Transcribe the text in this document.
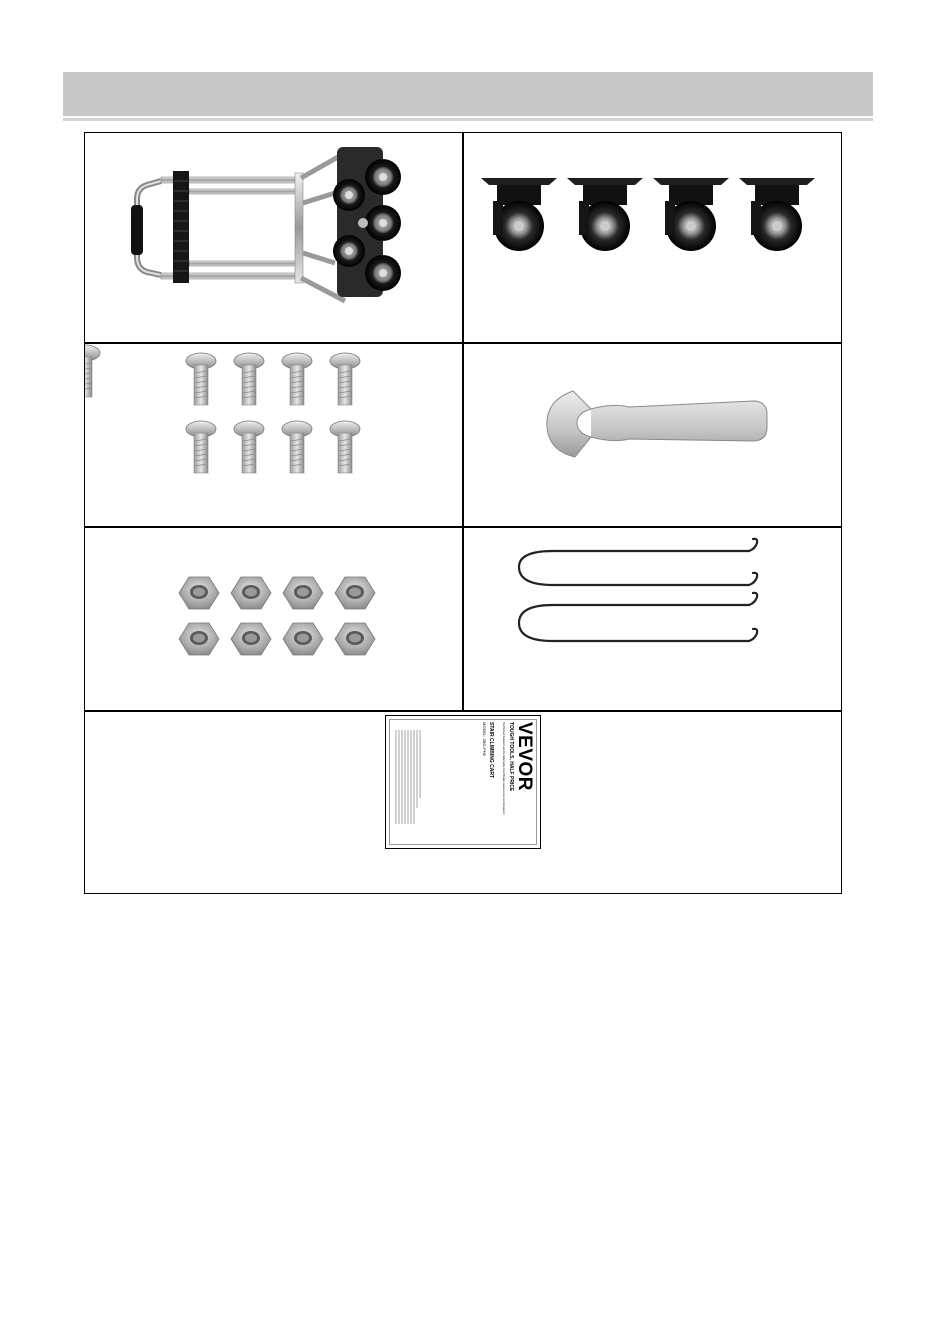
VEVOR
TOUGH TOOLS, HALF PRICE
Technical Support and E-Warranty Certificate www.vevor.com/support
STAIR CLIMBING CART
MODEL: ZBG-PH6
